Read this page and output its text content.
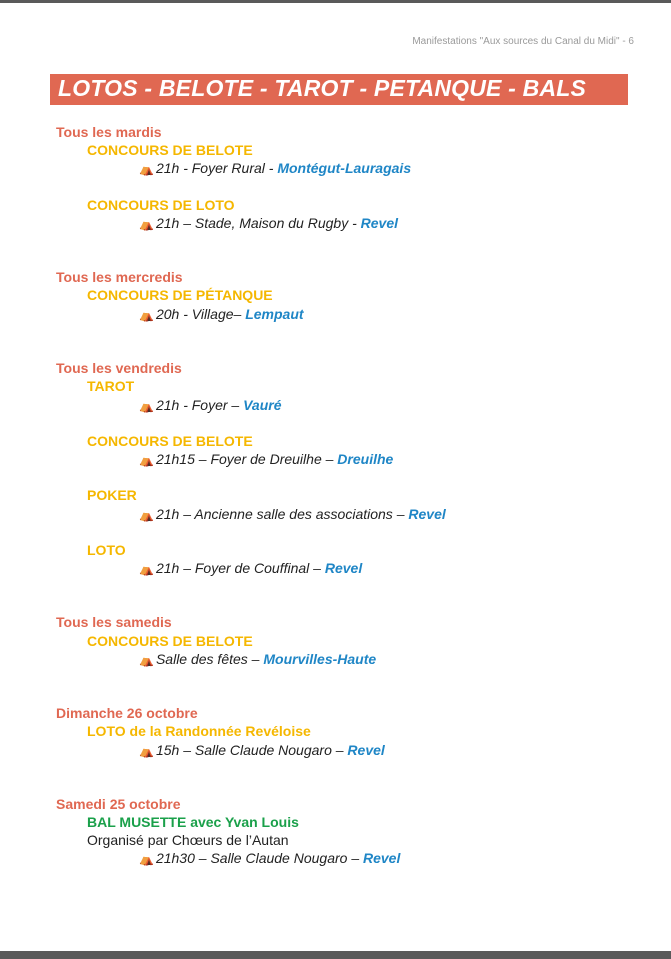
Manifestations "Aux sources du Canal du Midi" - 6
LOTOS - BELOTE - TAROT - PETANQUE - BALS
Tous les mardis
CONCOURS DE BELOTE
⛺ 21h - Foyer Rural - Montégut-Lauragais
CONCOURS DE LOTO
⛺ 21h – Stade, Maison du Rugby - Revel
Tous les mercredis
CONCOURS DE PÉTANQUE
⛺ 20h - Village– Lempaut
Tous les vendredis
TAROT
⛺ 21h - Foyer – Vauré
CONCOURS DE BELOTE
⛺ 21h15 – Foyer de Dreuilhe – Dreuilhe
POKER
⛺ 21h – Ancienne salle des associations – Revel
LOTO
⛺ 21h – Foyer de Couffinal – Revel
Tous les samedis
CONCOURS DE BELOTE
⛺ Salle des fêtes – Mourvilles-Haute
Dimanche 26 octobre
LOTO de la Randonnée Revéloise
⛺ 15h – Salle Claude Nougaro – Revel
Samedi 25 octobre
BAL MUSETTE avec Yvan Louis
Organisé par Chœurs de l’Autan
⛺ 21h30 – Salle Claude Nougaro – Revel
